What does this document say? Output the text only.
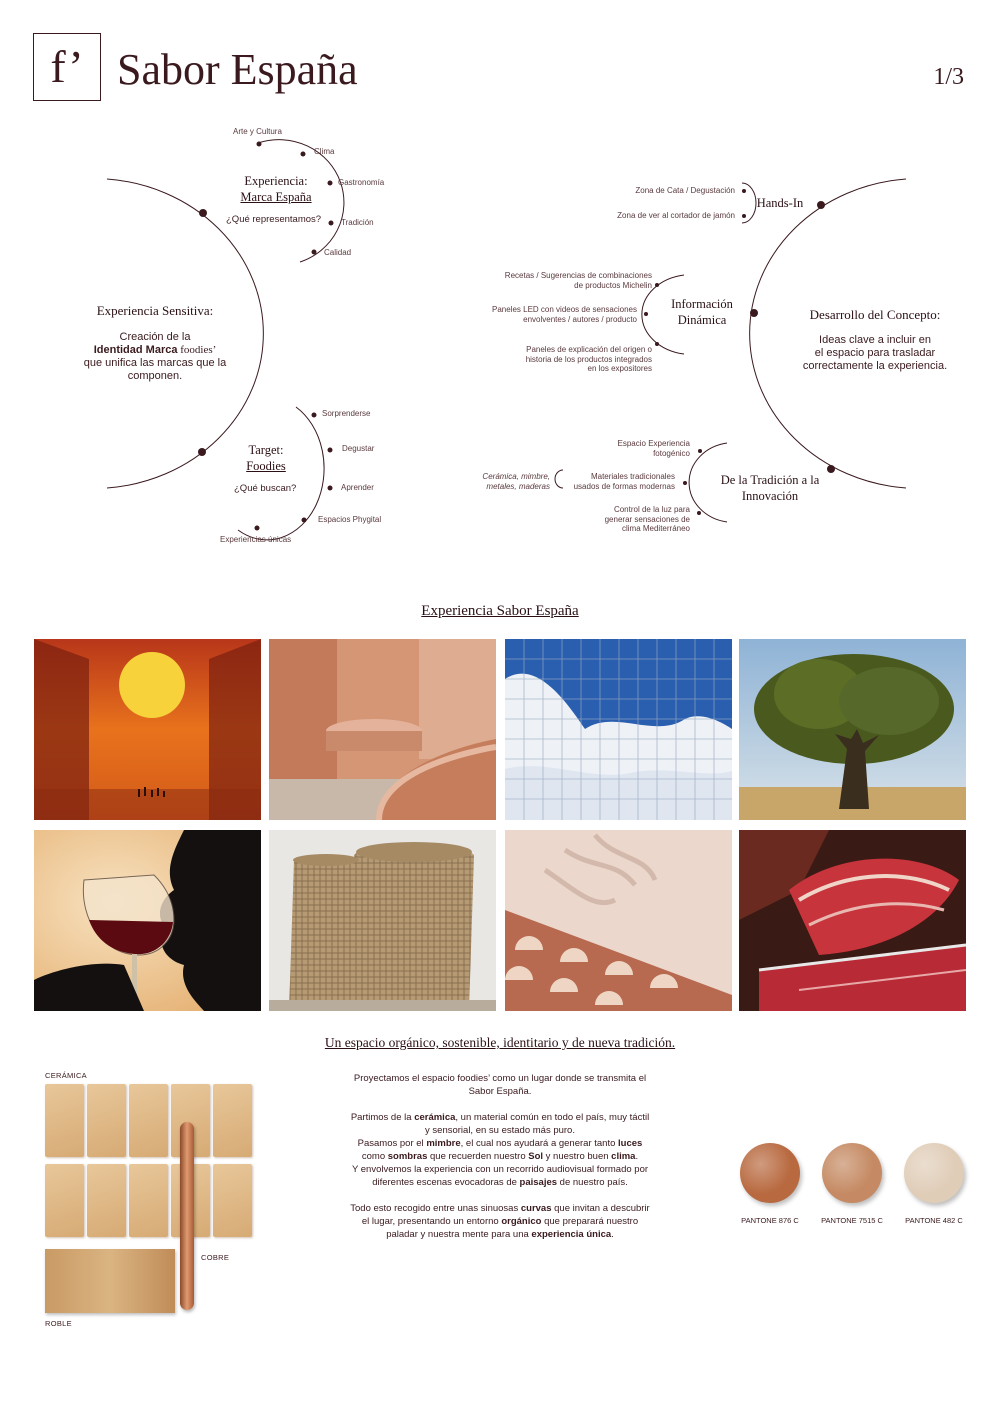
f’ Sabor España	1/3
Experiencia Sensitiva:
Creación de la
Identidad Marca foodies’
que unifica las marcas que la
componen.
Experiencia:
Marca España
¿Qué representamos?
Arte y Cultura
Clima
Gastronomía
Tradición
Calidad
Target:
Foodies
¿Qué buscan?
Sorprenderse
Degustar
Aprender
Espacios Phygital
Experiencias únicas
Desarrollo del Concepto:
Ideas clave a incluir en
el espacio para trasladar
correctamente la experiencia.
Hands-In
Zona de Cata / Degustación
Zona de ver al cortador de jamón
Información
Dinámica
Recetas / Sugerencias de combinaciones
de productos Michelin
Paneles LED con videos de sensaciones
envolventes / autores / producto
Paneles de explicación del origen o
historia de los productos integrados
en los expositores
De la Tradición a la
Innovación
Espacio Experiencia
fotogénico
Materiales tradicionales
usados de formas modernas
Control de la luz para
generar sensaciones de
clima Mediterráneo
Cerámica, mimbre,
metales, maderas
Experiencia Sabor España
Un espacio orgánico, sostenible, identitario y de nueva tradición.
CERÁMICA
COBRE
ROBLE
Proyectamos el espacio foodies’ como un lugar donde se transmita el
Sabor España.
Partimos de la cerámica, un material común en todo el país, muy táctil
y sensorial, en su estado más puro.
Pasamos por el mimbre, el cual nos ayudará a generar tanto luces
como sombras que recuerden nuestro Sol y nuestro buen clima.
Y envolvemos la experiencia con un recorrido audiovisual formado por
diferentes escenas evocadoras de paisajes de nuestro país.
Todo esto recogido entre unas sinuosas curvas que invitan a descubrir
el lugar, presentando un entorno orgánico que preparará nuestro
paladar y nuestra mente para una experiencia única.
PANTONE 876 C	PANTONE 7515 C	PANTONE 482 C
